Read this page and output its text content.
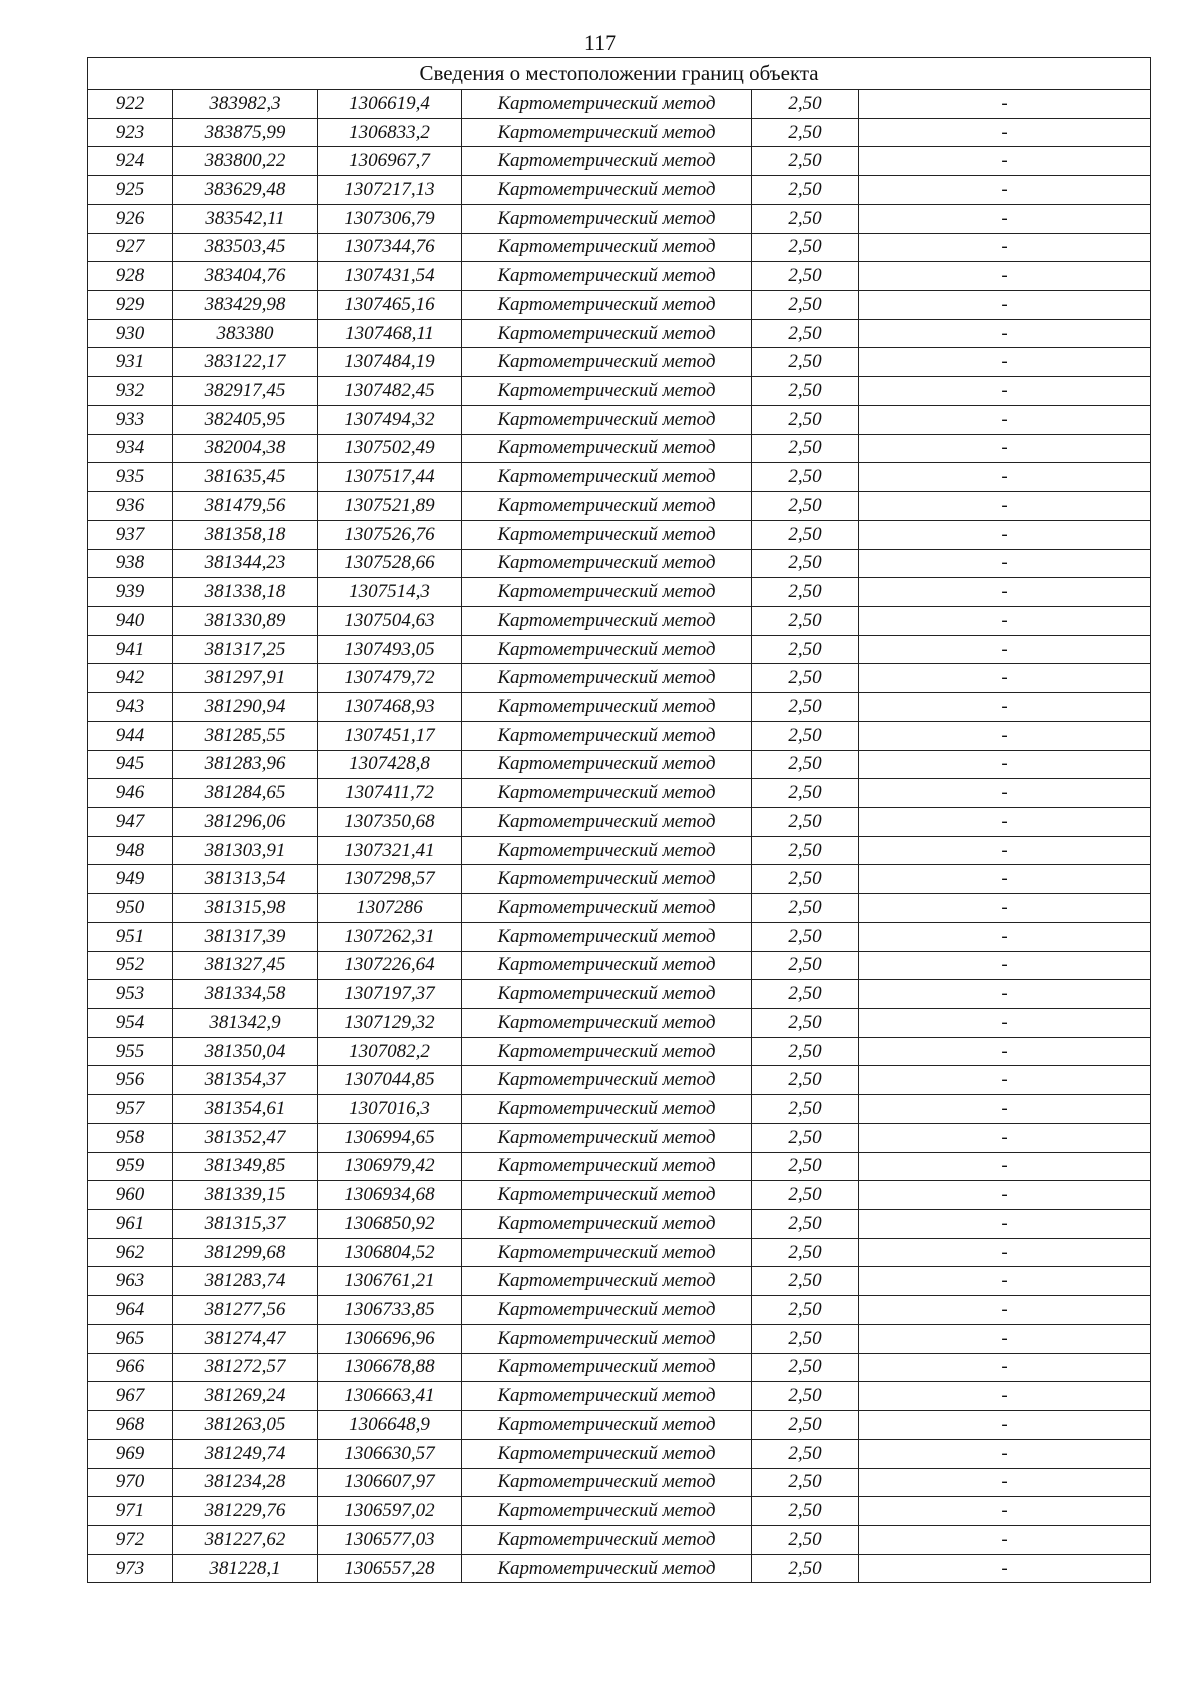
117
Сведения о местоположении границ объекта					
922	383982,3	1306619,4	Картометрический метод	2,50	-
923	383875,99	1306833,2	Картометрический метод	2,50	-
924	383800,22	1306967,7	Картометрический метод	2,50	-
925	383629,48	1307217,13	Картометрический метод	2,50	-
926	383542,11	1307306,79	Картометрический метод	2,50	-
927	383503,45	1307344,76	Картометрический метод	2,50	-
928	383404,76	1307431,54	Картометрический метод	2,50	-
929	383429,98	1307465,16	Картометрический метод	2,50	-
930	383380	1307468,11	Картометрический метод	2,50	-
931	383122,17	1307484,19	Картометрический метод	2,50	-
932	382917,45	1307482,45	Картометрический метод	2,50	-
933	382405,95	1307494,32	Картометрический метод	2,50	-
934	382004,38	1307502,49	Картометрический метод	2,50	-
935	381635,45	1307517,44	Картометрический метод	2,50	-
936	381479,56	1307521,89	Картометрический метод	2,50	-
937	381358,18	1307526,76	Картометрический метод	2,50	-
938	381344,23	1307528,66	Картометрический метод	2,50	-
939	381338,18	1307514,3	Картометрический метод	2,50	-
940	381330,89	1307504,63	Картометрический метод	2,50	-
941	381317,25	1307493,05	Картометрический метод	2,50	-
942	381297,91	1307479,72	Картометрический метод	2,50	-
943	381290,94	1307468,93	Картометрический метод	2,50	-
944	381285,55	1307451,17	Картометрический метод	2,50	-
945	381283,96	1307428,8	Картометрический метод	2,50	-
946	381284,65	1307411,72	Картометрический метод	2,50	-
947	381296,06	1307350,68	Картометрический метод	2,50	-
948	381303,91	1307321,41	Картометрический метод	2,50	-
949	381313,54	1307298,57	Картометрический метод	2,50	-
950	381315,98	1307286	Картометрический метод	2,50	-
951	381317,39	1307262,31	Картометрический метод	2,50	-
952	381327,45	1307226,64	Картометрический метод	2,50	-
953	381334,58	1307197,37	Картометрический метод	2,50	-
954	381342,9	1307129,32	Картометрический метод	2,50	-
955	381350,04	1307082,2	Картометрический метод	2,50	-
956	381354,37	1307044,85	Картометрический метод	2,50	-
957	381354,61	1307016,3	Картометрический метод	2,50	-
958	381352,47	1306994,65	Картометрический метод	2,50	-
959	381349,85	1306979,42	Картометрический метод	2,50	-
960	381339,15	1306934,68	Картометрический метод	2,50	-
961	381315,37	1306850,92	Картометрический метод	2,50	-
962	381299,68	1306804,52	Картометрический метод	2,50	-
963	381283,74	1306761,21	Картометрический метод	2,50	-
964	381277,56	1306733,85	Картометрический метод	2,50	-
965	381274,47	1306696,96	Картометрический метод	2,50	-
966	381272,57	1306678,88	Картометрический метод	2,50	-
967	381269,24	1306663,41	Картометрический метод	2,50	-
968	381263,05	1306648,9	Картометрический метод	2,50	-
969	381249,74	1306630,57	Картометрический метод	2,50	-
970	381234,28	1306607,97	Картометрический метод	2,50	-
971	381229,76	1306597,02	Картометрический метод	2,50	-
972	381227,62	1306577,03	Картометрический метод	2,50	-
973	381228,1	1306557,28	Картометрический метод	2,50	-
